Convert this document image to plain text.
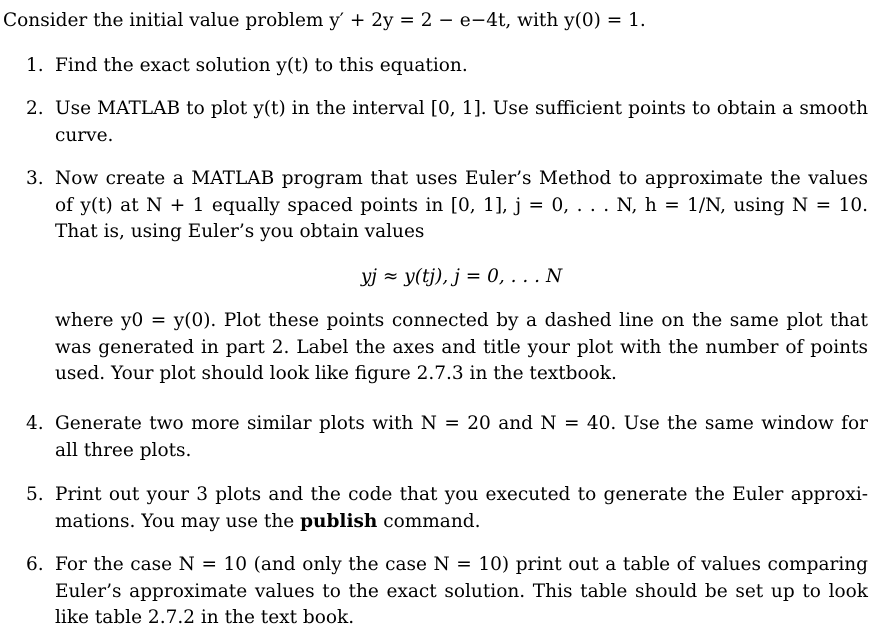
Consider the initial value problem y′ + 2y = 2 − e−4t, with y(0) = 1.
1. Find the exact solution y(t) to this equation.
2. Use MATLAB to plot y(t) in the interval [0, 1]. Use sufficient points to obtain a smooth curve.
3. Now create a MATLAB program that uses Euler’s Method to approximate the values of y(t) at N + 1 equally spaced points in [0, 1], j = 0, . . . N, h = 1/N, using N = 10. That is, using Euler’s you obtain values
yj ≈ y(tj), j = 0, . . . N
where y0 = y(0). Plot these points connected by a dashed line on the same plot that was generated in part 2. Label the axes and title your plot with the number of points used. Your plot should look like figure 2.7.3 in the textbook.
4. Generate two more similar plots with N = 20 and N = 40. Use the same window for all three plots.
5. Print out your 3 plots and the code that you executed to generate the Euler approxi- mations. You may use the publish command.
6. For the case N = 10 (and only the case N = 10) print out a table of values comparing Euler’s approximate values to the exact solution. This table should be set up to look like table 2.7.2 in the text book.
